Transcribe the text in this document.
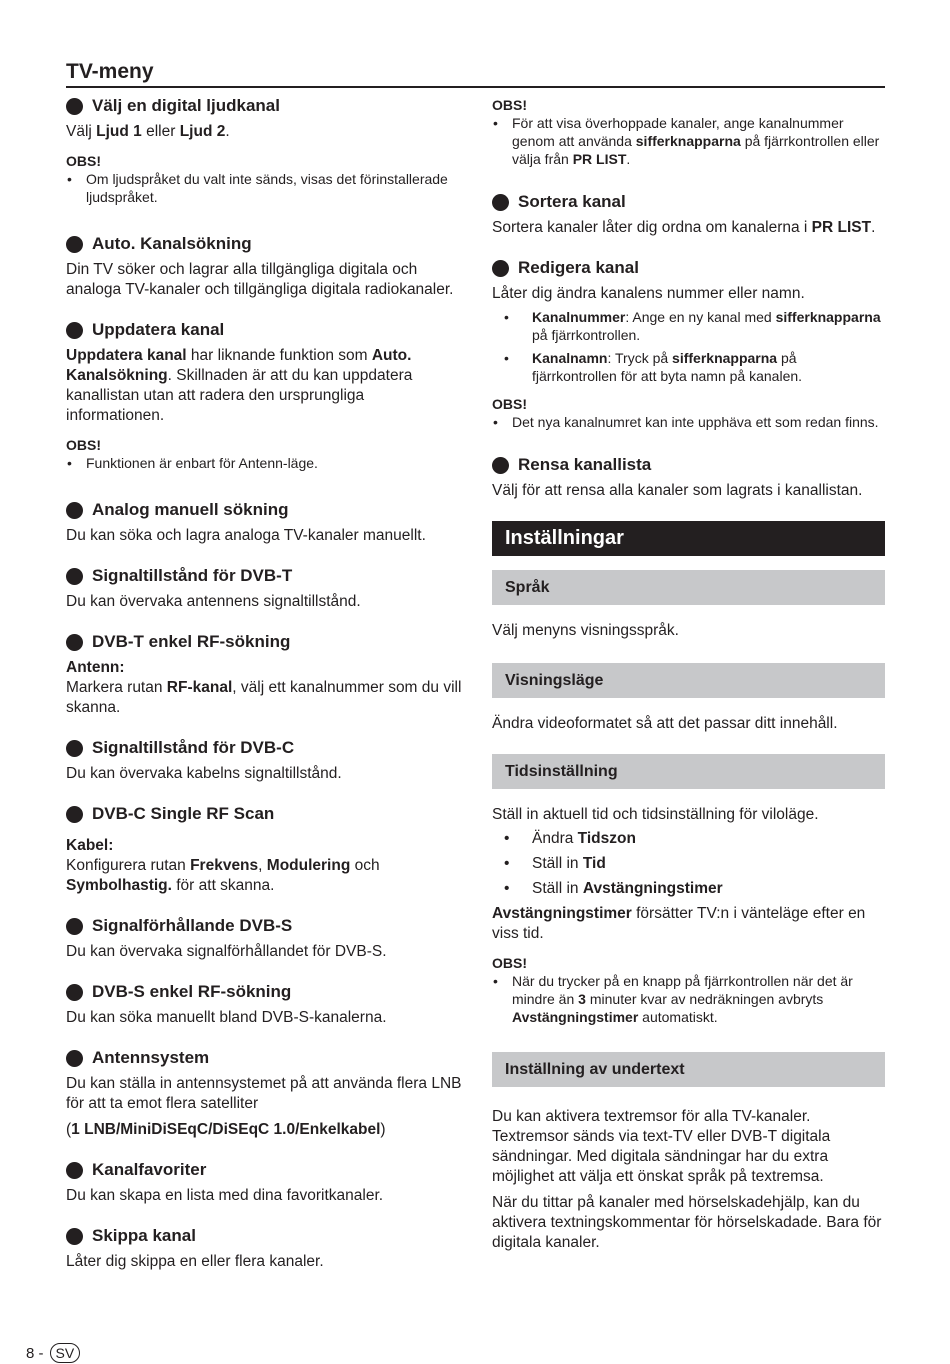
TV-meny
Välj en digital ljudkanal
Välj Ljud 1 eller Ljud 2.
OBS!
• Om ljudspråket du valt inte sänds, visas det förinstallerade ljudspråket.
Auto. Kanalsökning
Din TV söker och lagrar alla tillgängliga digitala och analoga TV-kanaler och tillgängliga digitala radiokanaler.
Uppdatera kanal
Uppdatera kanal har liknande funktion som Auto. Kanalsökning. Skillnaden är att du kan uppdatera kanallistan utan att radera den ursprungliga informationen.
OBS!
• Funktionen är enbart för Antenn-läge.
Analog manuell sökning
Du kan söka och lagra analoga TV-kanaler manuellt.
Signaltillstånd för DVB-T
Du kan övervaka antennens signaltillstånd.
DVB-T enkel RF-sökning
Antenn:
Markera rutan RF-kanal, välj ett kanalnummer som du vill skanna.
Signaltillstånd för DVB-C
Du kan övervaka kabelns signaltillstånd.
DVB-C Single RF Scan
Kabel:
Konfigurera rutan Frekvens, Modulering och Symbolhastig. för att skanna.
Signalförhållande DVB-S
Du kan övervaka signalförhållandet för DVB-S.
DVB-S enkel RF-sökning
Du kan söka manuellt bland DVB-S-kanalerna.
Antennsystem
Du kan ställa in antennsystemet på att använda flera LNB för att ta emot flera satelliter
(1 LNB/MiniDiSEqC/DiSEqC 1.0/Enkelkabel)
Kanalfavoriter
Du kan skapa en lista med dina favoritkanaler.
Skippa kanal
Låter dig skippa en eller flera kanaler.
OBS!
• För att visa överhoppade kanaler, ange kanalnummer genom att använda sifferknapparna på fjärrkontrollen eller välja från PR LIST.
Sortera kanal
Sortera kanaler låter dig ordna om kanalerna i PR LIST.
Redigera kanal
Låter dig ändra kanalens nummer eller namn.
• Kanalnummer: Ange en ny kanal med sifferknapparna på fjärrkontrollen.
• Kanalnamn: Tryck på sifferknapparna på fjärrkontrollen för att byta namn på kanalen.
OBS!
• Det nya kanalnumret kan inte upphäva ett som redan finns.
Rensa kanallista
Välj för att rensa alla kanaler som lagrats i kanallistan.
Inställningar
Språk
Välj menyns visningsspråk.
Visningsläge
Ändra videoformatet så att det passar ditt innehåll.
Tidsinställning
Ställ in aktuell tid och tidsinställning för viloläge.
• Ändra Tidszon
• Ställ in Tid
• Ställ in Avstängningstimer
Avstängningstimer försätter TV:n i vänteläge efter en viss tid.
OBS!
• När du trycker på en knapp på fjärrkontrollen när det är mindre än 3 minuter kvar av nedräkningen avbryts Avstängningstimer automatiskt.
Inställning av undertext
Du kan aktivera textremsor för alla TV-kanaler. Textremsor sänds via text-TV eller DVB-T digitala sändningar. Med digitala sändningar har du extra möjlighet att välja ett önskat språk på textremsa.
När du tittar på kanaler med hörselskadehjälp, kan du aktivera textningskommentar för hörselskadade. Bara för digitala kanaler.
8 - SV
